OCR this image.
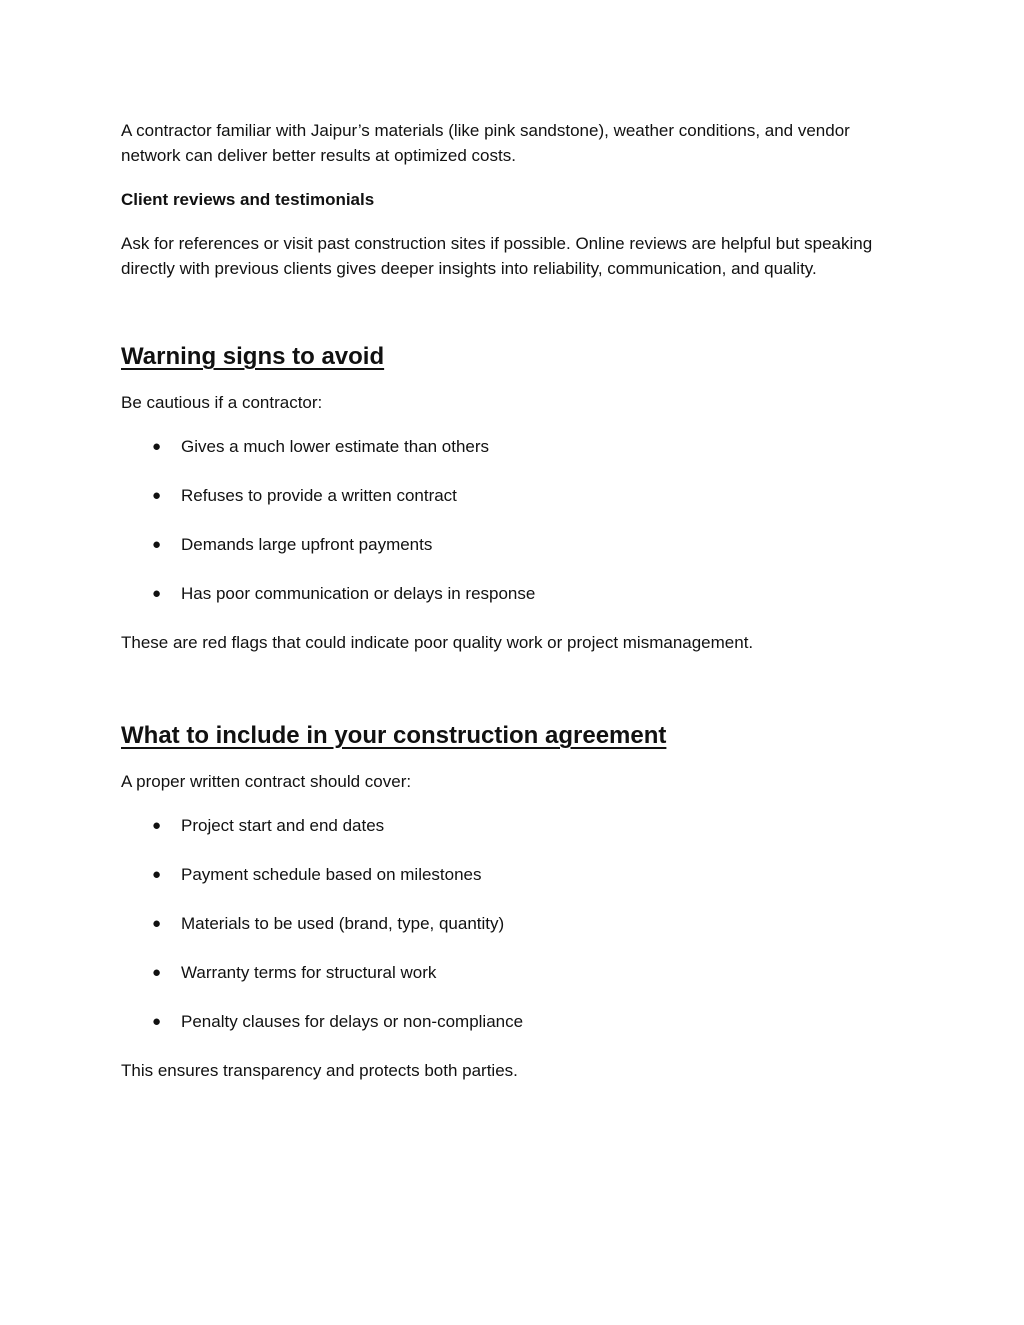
A contractor familiar with Jaipur’s materials (like pink sandstone), weather conditions, and vendor network can deliver better results at optimized costs.

Client reviews and testimonials

Ask for references or visit past construction sites if possible. Online reviews are helpful but speaking directly with previous clients gives deeper insights into reliability, communication, and quality.

Warning signs to avoid

Be cautious if a contractor:

● Gives a much lower estimate than others
● Refuses to provide a written contract
● Demands large upfront payments
● Has poor communication or delays in response

These are red flags that could indicate poor quality work or project mismanagement.

What to include in your construction agreement

A proper written contract should cover:

● Project start and end dates
● Payment schedule based on milestones
● Materials to be used (brand, type, quantity)
● Warranty terms for structural work
● Penalty clauses for delays or non-compliance

This ensures transparency and protects both parties.
